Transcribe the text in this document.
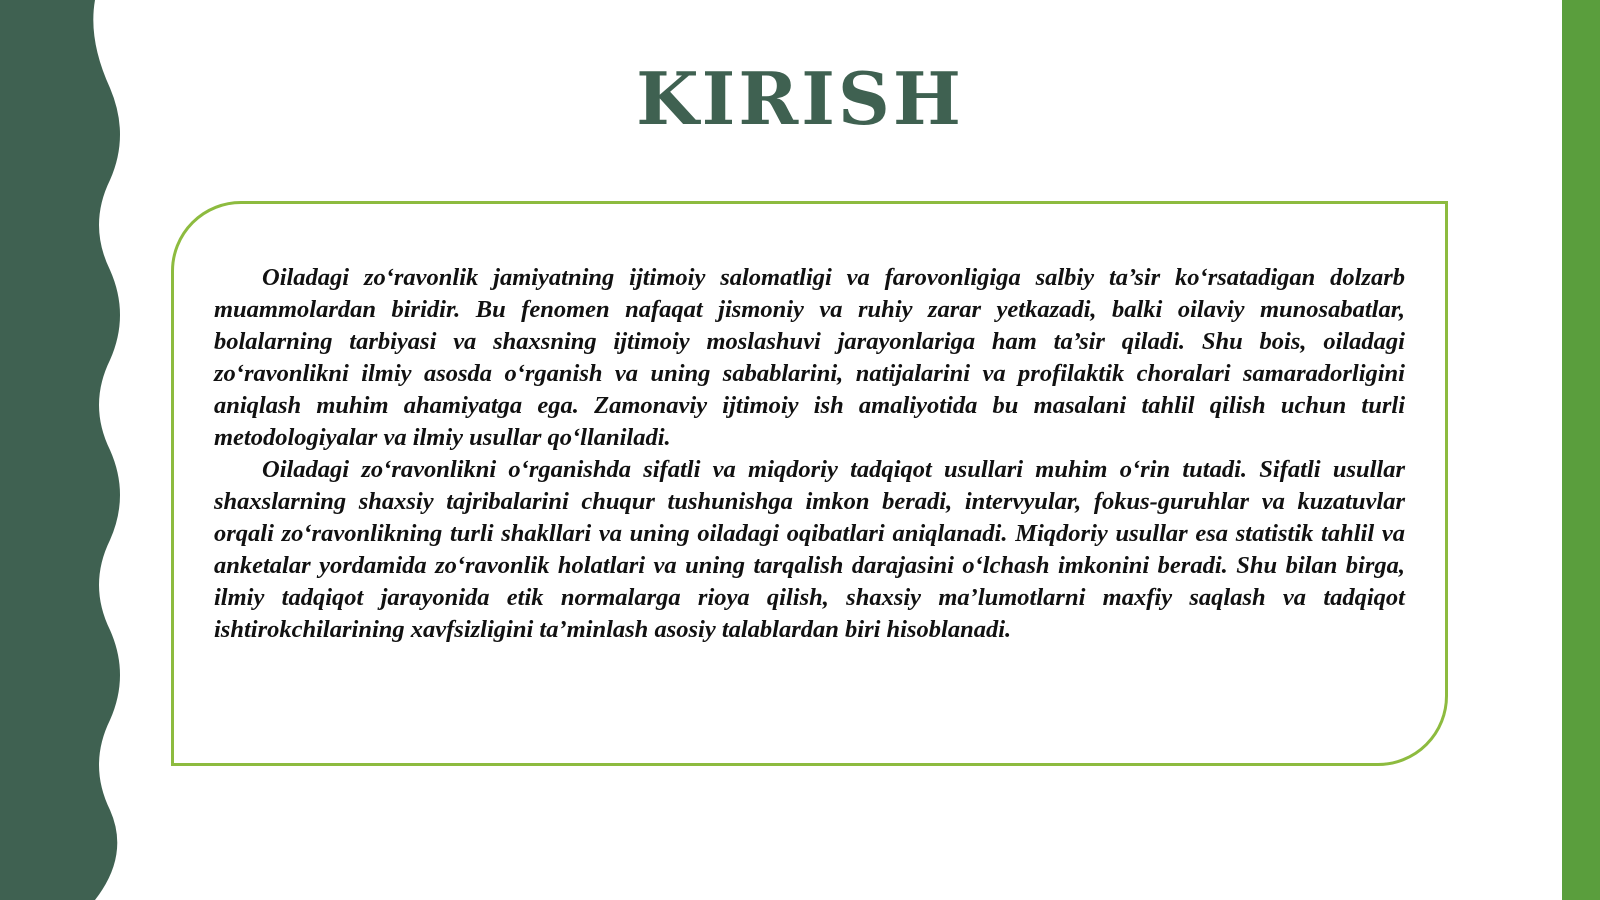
KIRISH

Oiladagi zo‘ravonlik jamiyatning ijtimoiy salomatligi va farovonligiga salbiy ta’sir ko‘rsatadigan dolzarb muammolardan biridir. Bu fenomen nafaqat jismoniy va ruhiy zarar yetkazadi, balki oilaviy munosabatlar, bolalarning tarbiyasi va shaxsning ijtimoiy moslashuvi jarayonlariga ham ta’sir qiladi. Shu bois, oiladagi zo‘ravonlikni ilmiy asosda o‘rganish va uning sabablarini, natijalarini va profilaktik choralari samaradorligini aniqlash muhim ahamiyatga ega. Zamonaviy ijtimoiy ish amaliyotida bu masalani tahlil qilish uchun turli metodologiyalar va ilmiy usullar qo‘llaniladi.

Oiladagi zo‘ravonlikni o‘rganishda sifatli va miqdoriy tadqiqot usullari muhim o‘rin tutadi. Sifatli usullar shaxslarning shaxsiy tajribalarini chuqur tushunishga imkon beradi, intervyular, fokus-guruhlar va kuzatuvlar orqali zo‘ravonlikning turli shakllari va uning oiladagi oqibatlari aniqlanadi. Miqdoriy usullar esa statistik tahlil va anketalar yordamida zo‘ravonlik holatlari va uning tarqalish darajasini o‘lchash imkonini beradi. Shu bilan birga, ilmiy tadqiqot jarayonida etik normalarga rioya qilish, shaxsiy ma’lumotlarni maxfiy saqlash va tadqiqot ishtirokchilarining xavfsizligini ta’minlash asosiy talablardan biri hisoblanadi.
